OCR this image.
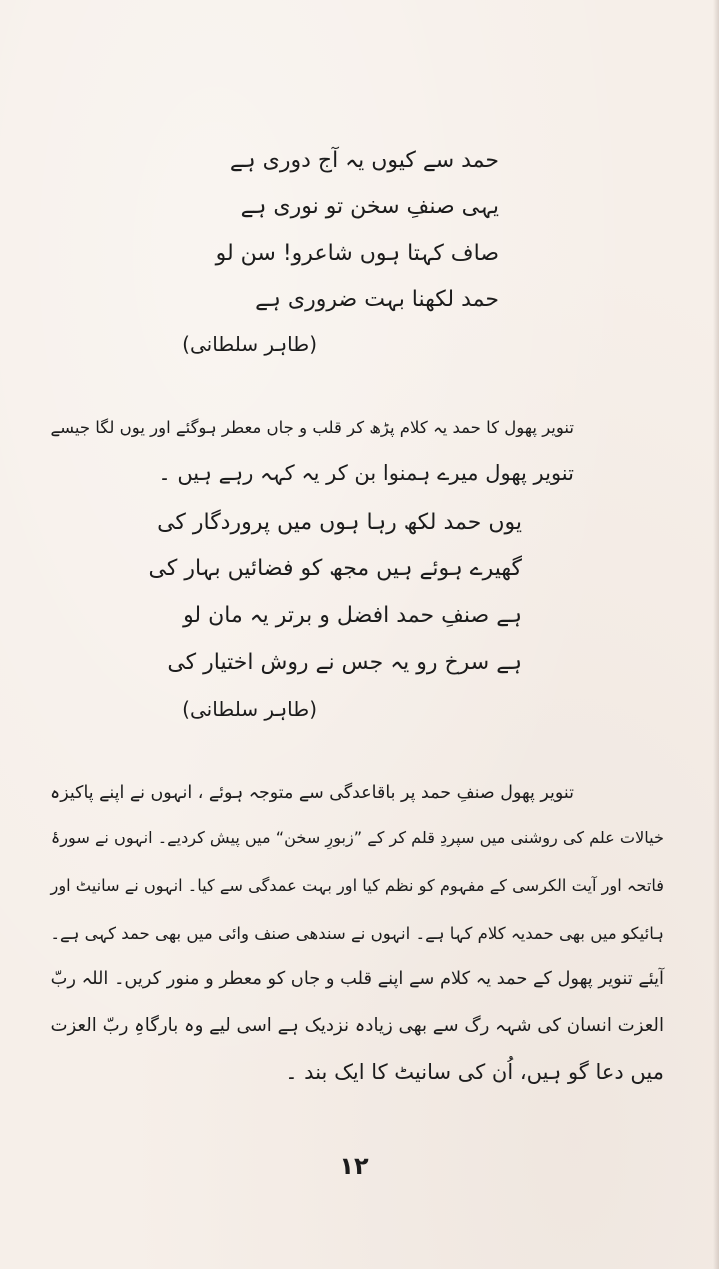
حمد سے کیوں یہ آج دوری ہے
یہی صنفِ سخن تو نوری ہے
صاف کہتا ہوں شاعرو! سن لو
حمد لکھنا بہت ضروری ہے
(طاہر سلطانی)
تنویر پھول کا حمد یہ کلام پڑھ کر قلب و جاں معطر ہوگئے اور یوں لگا جیسے
تنویر پھول میرے ہمنوا بن کر یہ کہہ رہے ہیں ۔
یوں حمد لکھ رہا ہوں میں پروردگار کی
گھیرے ہوئے ہیں مجھ کو فضائیں بہار کی
ہے صنفِ حمد افضل و برتر یہ مان لو
ہے سرخ رو یہ جس نے روش اختیار کی
(طاہر سلطانی)
تنویر پھول صنفِ حمد پر باقاعدگی سے متوجہ ہوئے ، انہوں نے اپنے پاکیزہ
خیالات علم کی روشنی میں سپردِ قلم کر کے ”زبورِ سخن“ میں پیش کردیے۔ انہوں نے سورۂ
فاتحہ اور آیت الکرسی کے مفہوم کو نظم کیا اور بہت عمدگی سے کیا۔ انہوں نے سانیٹ اور
ہائیکو میں بھی حمدیہ کلام کہا ہے۔ انہوں نے سندھی صنف وائی میں بھی حمد کہی ہے۔
آیئے تنویر پھول کے حمد یہ کلام سے اپنے قلب و جاں کو معطر و منور کریں۔ اللہ ربّ
العزت انسان کی شہہ رگ سے بھی زیادہ نزدیک ہے اسی لیے وہ بارگاہِ ربّ العزت
میں دعا گو ہیں، اُن کی سانیٹ کا ایک بند ۔
۱۲
